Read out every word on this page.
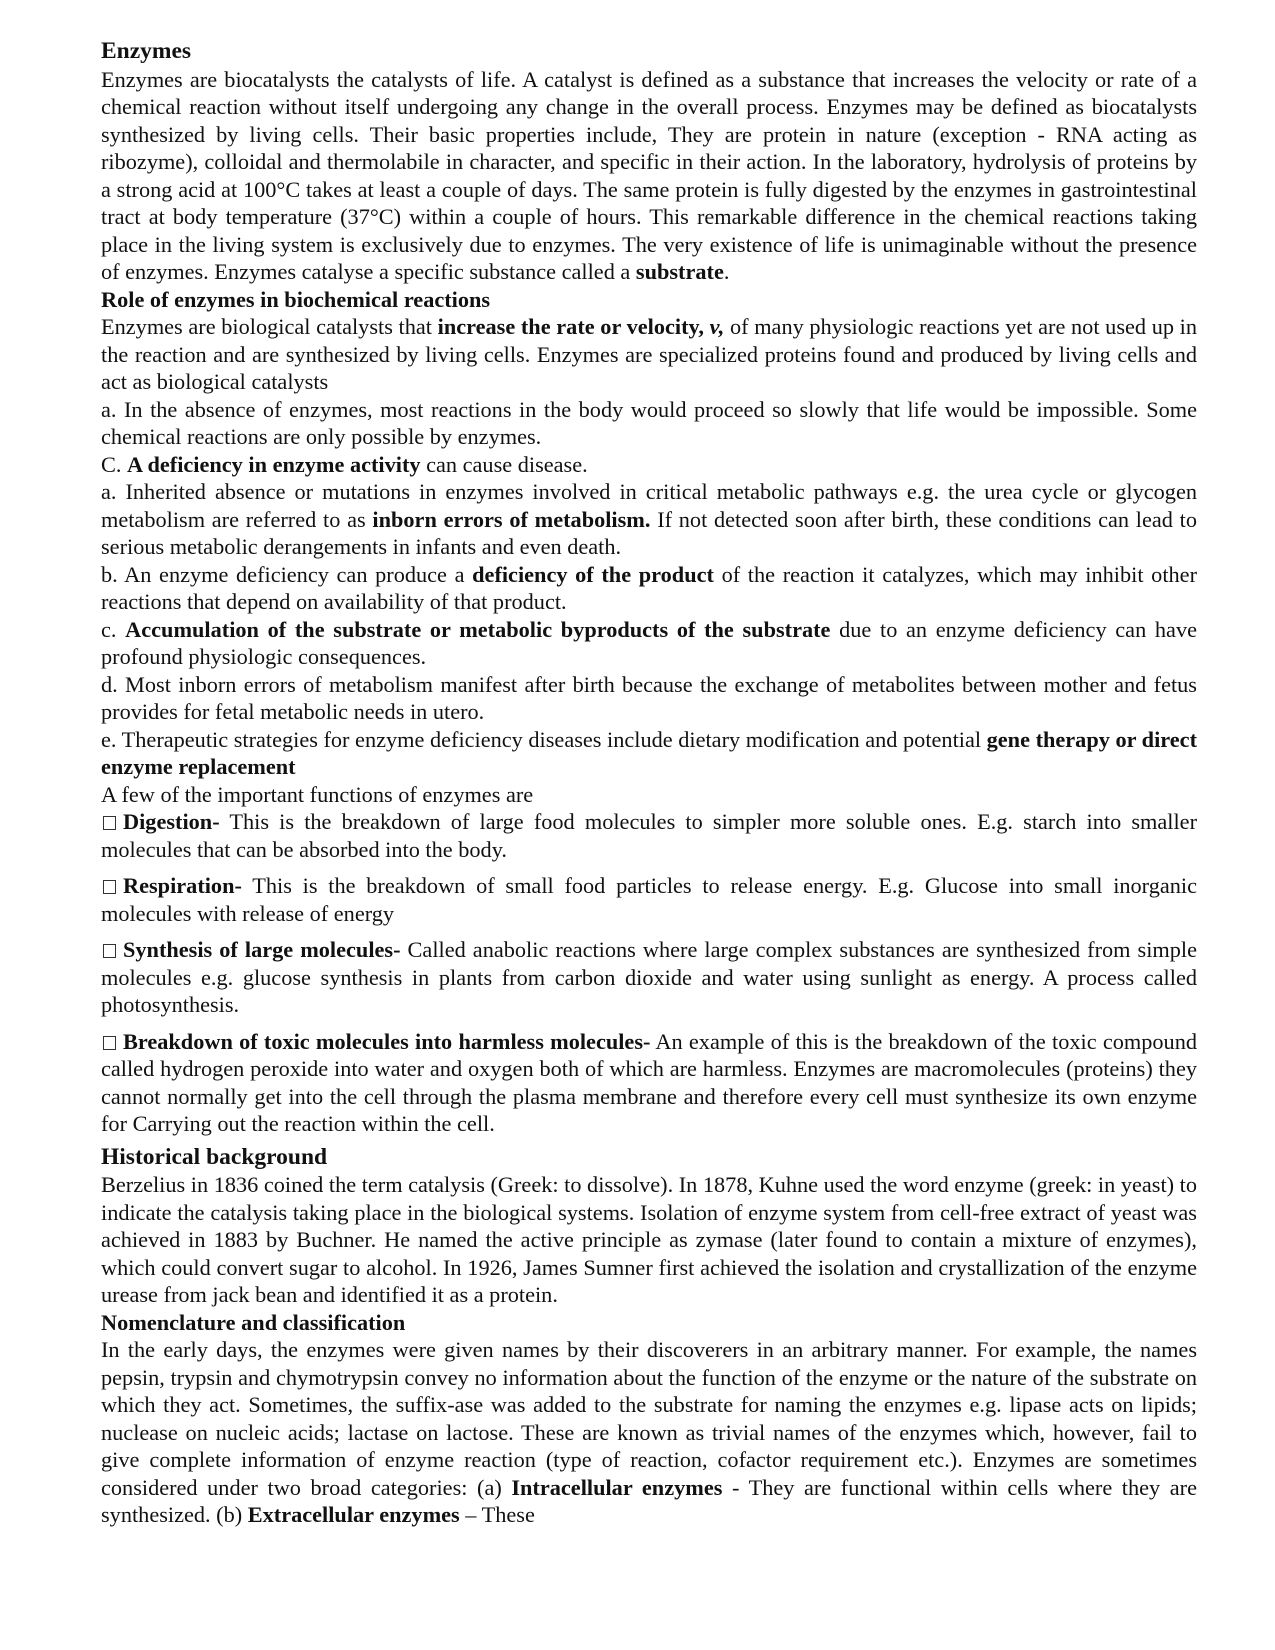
Enzymes

Enzymes are biocatalysts the catalysts of life. A catalyst is defined as a substance that increases the velocity or rate of a chemical reaction without itself undergoing any change in the overall process. Enzymes may be defined as biocatalysts synthesized by living cells. Their basic properties include, They are protein in nature (exception - RNA acting as ribozyme), colloidal and thermolabile in character, and specific in their action. In the laboratory, hydrolysis of proteins by a strong acid at 100°C takes at least a couple of days. The same protein is fully digested by the enzymes in gastrointestinal tract at body temperature (37°C) within a couple of hours. This remarkable difference in the chemical reactions taking place in the living system is exclusively due to enzymes. The very existence of life is unimaginable without the presence of enzymes. Enzymes catalyse a specific substance called a substrate.

Role of enzymes in biochemical reactions

Enzymes are biological catalysts that increase the rate or velocity, v, of many physiologic reactions yet are not used up in the reaction and are synthesized by living cells. Enzymes are specialized proteins found and produced by living cells and act as biological catalysts

a. In the absence of enzymes, most reactions in the body would proceed so slowly that life would be impossible. Some chemical reactions are only possible by enzymes.

C. A deficiency in enzyme activity can cause disease.

a. Inherited absence or mutations in enzymes involved in critical metabolic pathways e.g. the urea cycle or glycogen metabolism are referred to as inborn errors of metabolism. If not detected soon after birth, these conditions can lead to serious metabolic derangements in infants and even death.

b. An enzyme deficiency can produce a deficiency of the product of the reaction it catalyzes, which may inhibit other reactions that depend on availability of that product.

c. Accumulation of the substrate or metabolic byproducts of the substrate due to an enzyme deficiency can have profound physiologic consequences.

d. Most inborn errors of metabolism manifest after birth because the exchange of metabolites between mother and fetus provides for fetal metabolic needs in utero.

e. Therapeutic strategies for enzyme deficiency diseases include dietary modification and potential gene therapy or direct enzyme replacement

A few of the important functions of enzymes are

Digestion- This is the breakdown of large food molecules to simpler more soluble ones. E.g. starch into smaller molecules that can be absorbed into the body.

Respiration- This is the breakdown of small food particles to release energy. E.g. Glucose into small inorganic molecules with release of energy

Synthesis of large molecules- Called anabolic reactions where large complex substances are synthesized from simple molecules e.g. glucose synthesis in plants from carbon dioxide and water using sunlight as energy. A process called photosynthesis.

Breakdown of toxic molecules into harmless molecules- An example of this is the breakdown of the toxic compound called hydrogen peroxide into water and oxygen both of which are harmless. Enzymes are macromolecules (proteins) they cannot normally get into the cell through the plasma membrane and therefore every cell must synthesize its own enzyme for Carrying out the reaction within the cell.

Historical background

Berzelius in 1836 coined the term catalysis (Greek: to dissolve). In 1878, Kuhne used the word enzyme (greek: in yeast) to indicate the catalysis taking place in the biological systems. Isolation of enzyme system from cell-free extract of yeast was achieved in 1883 by Buchner. He named the active principle as zymase (later found to contain a mixture of enzymes), which could convert sugar to alcohol. In 1926, James Sumner first achieved the isolation and crystallization of the enzyme urease from jack bean and identified it as a protein.

Nomenclature and classification

In the early days, the enzymes were given names by their discoverers in an arbitrary manner. For example, the names pepsin, trypsin and chymotrypsin convey no information about the function of the enzyme or the nature of the substrate on which they act. Sometimes, the suffix-ase was added to the substrate for naming the enzymes e.g. lipase acts on lipids; nuclease on nucleic acids; lactase on lactose. These are known as trivial names of the enzymes which, however, fail to give complete information of enzyme reaction (type of reaction, cofactor requirement etc.). Enzymes are sometimes considered under two broad categories: (a) Intracellular enzymes - They are functional within cells where they are synthesized. (b) Extracellular enzymes – These
